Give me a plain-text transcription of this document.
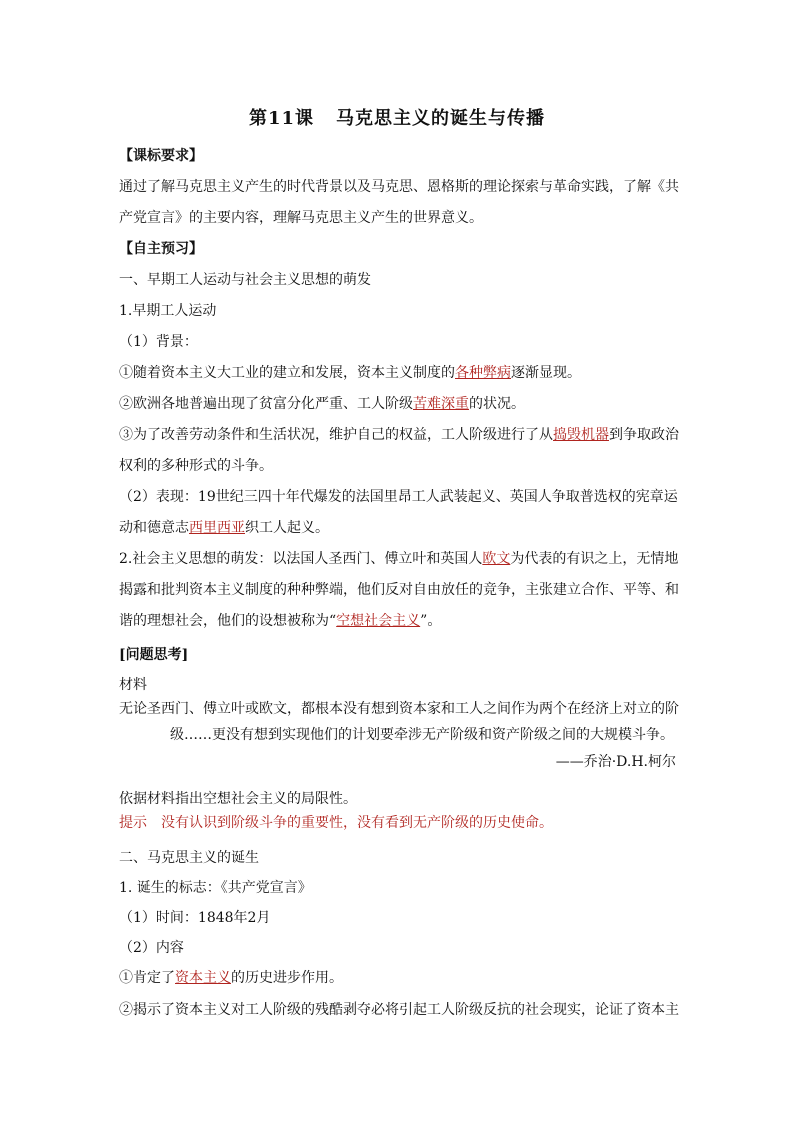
第11课 马克思主义的诞生与传播
【课标要求】
通过了解马克思主义产生的时代背景以及马克思、恩格斯的理论探索与革命实践，了解《共
产党宣言》的主要内容，理解马克思主义产生的世界意义。
【自主预习】
一、早期工人运动与社会主义思想的萌发
1.早期工人运动
（1）背景：
①随着资本主义大工业的建立和发展，资本主义制度的各种弊病逐渐显现。
②欧洲各地普遍出现了贫富分化严重、工人阶级苦难深重的状况。
③为了改善劳动条件和生活状况，维护自己的权益，工人阶级进行了从捣毁机器到争取政治
权利的多种形式的斗争。
（2）表现：19世纪三四十年代爆发的法国里昂工人武装起义、英国人争取普选权的宪章运
动和德意志西里西亚织工人起义。
2.社会主义思想的萌发：以法国人圣西门、傅立叶和英国人欧文为代表的有识之上，无情地
揭露和批判资本主义制度的种种弊端，他们反对自由放任的竞争，主张建立合作、平等、和
谐的理想社会，他们的设想被称为“空想社会主义”。
[问题思考]
材料
无论圣西门、傅立叶或欧文，都根本没有想到资本家和工人之间作为两个在经济上对立的阶
级……更没有想到实现他们的计划要牵涉无产阶级和资产阶级之间的大规模斗争。
——乔治·D.H.柯尔
依据材料指出空想社会主义的局限性。
提示　没有认识到阶级斗争的重要性，没有看到无产阶级的历史使命。
二、马克思主义的诞生
1. 诞生的标志：《共产党宣言》
（1）时间：1848年2月
（2）内容
①肯定了资本主义的历史进步作用。
②揭示了资本主义对工人阶级的残酷剥夺必将引起工人阶级反抗的社会现实，论证了资本主
